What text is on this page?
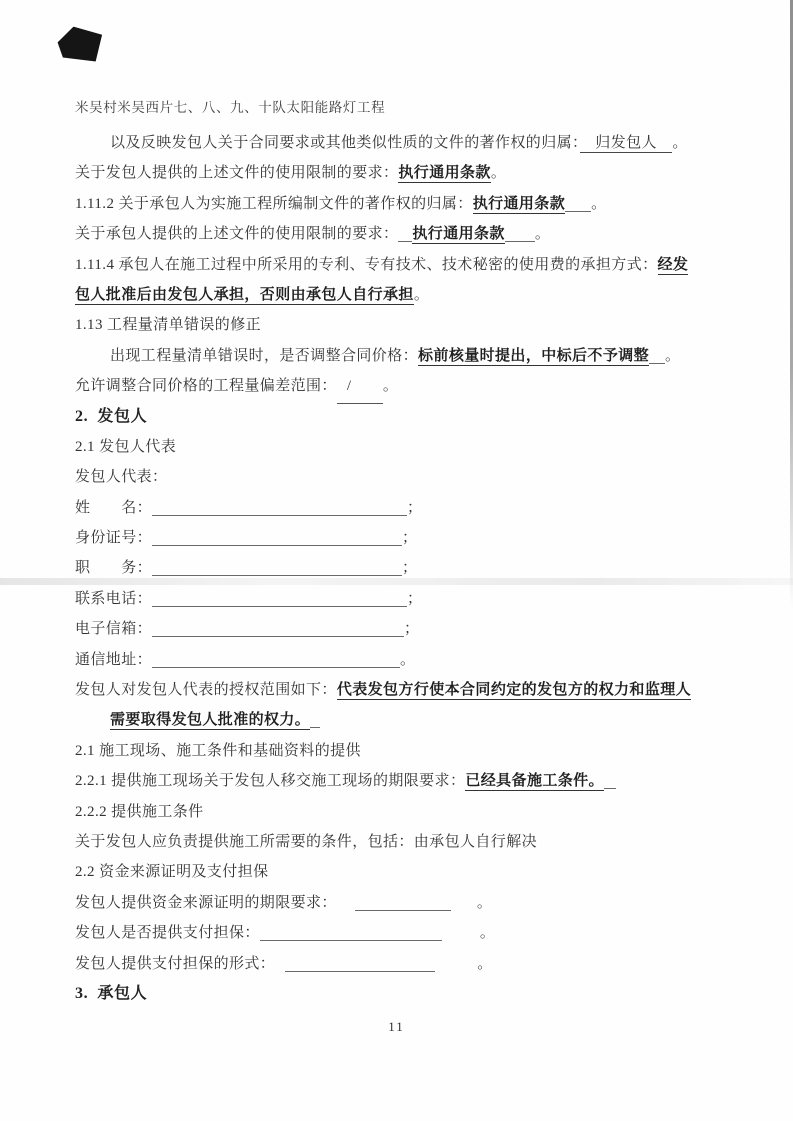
米吴村米吴西片七、八、九、十队太阳能路灯工程
以及反映发包人关于合同要求或其他类似性质的文件的著作权的归属：　归发包人　。
关于发包人提供的上述文件的使用限制的要求：执行通用条款。
1.11.2 关于承包人为实施工程所编制文件的著作权的归属：执行通用条款 。
关于承包人提供的上述文件的使用限制的要求： 执行通用条款 。
1.11.4 承包人在施工过程中所采用的专利、专有技术、技术秘密的使用费的承担方式：经发
包人批准后由发包人承担，否则由承包人自行承担。
1.13 工程量清单错误的修正
出现工程量清单错误时，是否调整合同价格：标前核量时提出，中标后不予调整 。
允许调整合同价格的工程量偏差范围： / 。
2.  发包人
2.1 发包人代表
发包人代表：
姓　　名：	；
身份证号：	；
职　　务：	；
联系电话：	；
电子信箱：	；
通信地址：	。
发包人对发包人代表的授权范围如下：代表发包方行使本合同约定的发包方的权力和监理人
需要取得发包人批准的权力。
2.1 施工现场、施工条件和基础资料的提供
2.2.1 提供施工现场关于发包人移交施工现场的期限要求：已经具备施工条件。
2.2.2 提供施工条件
关于发包人应负责提供施工所需要的条件，包括：由承包人自行解决
2.2 资金来源证明及支付担保
发包人提供资金来源证明的期限要求：	。
发包人是否提供支付担保：	。
发包人提供支付担保的形式：	。
3.  承包人
11
